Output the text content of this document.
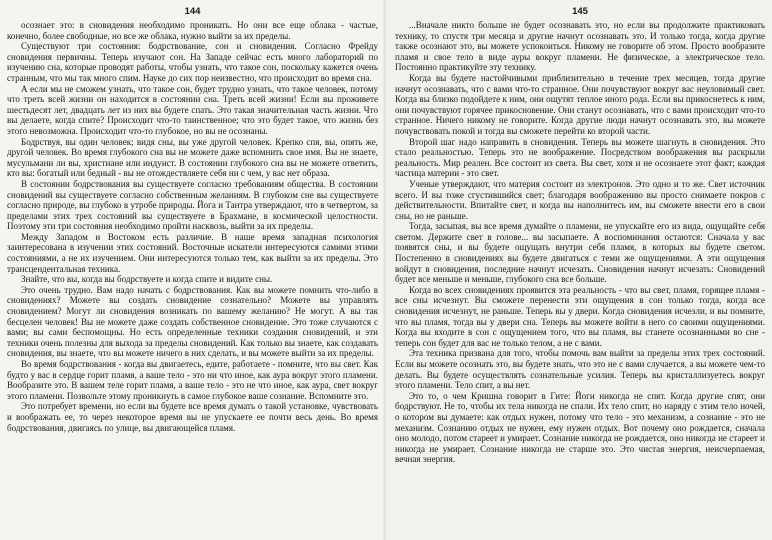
144

осознает это: в сновидения необходимо проникать. Но они все еще облака - частые, конечно, более свободные, но все же облака, нужно выйти за их пределы.

Существуют три состояния: бодрствование, сон и сновидения. Согласно Фрейду сновидения первичны. Теперь изучают сон. На Западе сейчас есть много лабораторий по изучению сна, которые проводят работы, чтобы узнать, что такое сон, поскольку кажется очень странным, что мы так много спим. Науке до сих пор неизвестно, что происходит во время сна.

А если мы не сможем узнать, что такое сон, будет трудно узнать, что такое человек, потому что треть всей жизни он находится в состоянии сна. Треть всей жизни! Если вы проживете шестьдесят лет, двадцать лет из них вы будете спать. Это такая значительная часть жизни. Что вы делаете, когда спите? Происходит что-то таинственное; что это будет такое, что жизнь без этого невозможна. Происходит что-то глубокое, но вы не осознаны.

Бодрствуя, вы один человек; видя сны, вы уже другой человек. Крепко спя, вы, опять же, другой человек. Во время глубокого сна вы не можете даже вспомнить свое имя. Вы не знаете, мусульмани ли вы, христиане или индуист. В состоянии глубокого сна вы не можете ответить, кто вы: богатый или бедный - вы не отождествляете себя ни с чем, у вас нет образа.

В состоянии бодрствования вы существуете согласно требованиям общества. В состоянии сновидений вы существуете согласно собственным желаниям. В глубоком сне вы существуете согласно природе, вы глубоко в утробе природы. Йога и Тантра утверждают, что в четвертом, за пределами этих трех состояний вы существуете в Брахмане, в космической целостности. Поэтому эти три состояния необходимо пройти насквозь, выйти за их пределы.

Между Западом и Востоком есть различие. В наше время западная психология заинтересована в изучении этих состояний. Восточные искатели интересуются самими этими состояниями, а не их изучением. Они интересуются только тем, как выйти за их пределы. Это трансцендентальная техника.

Знайте, что вы, когда вы бодрствуете и когда спите и видите сны.

Это очень трудно. Вам надо начать с бодрствования. Как вы можете помнить что-либо в сновидениях? Можете вы создать сновидение сознательно? Можете вы управлять сновидением? Могут ли сновидения возникать по вашему желанию? Не могут. А вы так бесцелен человек! Вы не можете даже создать собственное сновидение. Это тоже случаются с вами; вы сами беспомощны. Но есть определенные техники создания сновидений, и эти техники очень полезны для выхода за пределы сновидений. Как только вы знаете, как создавать сновидения, вы знаете, что вы можете ничего в них сделать, и вы можете выйти за их пределы.

Во время бодрствования - когда вы двигаетесь, едите, работаете - помните, что вы свет. Как будто у вас в сердце горит пламя, а ваше тело - это ни что иное, как аура вокруг этого пламени. Вообразите это. В вашем теле горит пламя, а ваше тело - это не что иное, как аура, свет вокруг этого пламени. Позвольте этому проникнуть в самое глубокое ваше сознание. Вспомните это.

Это потребует времени, но если вы будете все время думать о такой установке, чувствовать и воображать ее, то через некоторое время вы не упускаете ее почти весь день. Во время бодрствования, двигаясь по улице, вы двигающейся пламя.

145

...Вначале никто больше не будет осознавать это, но если вы продолжите практиковать технику, то спустя три месяца и другие начнут осознавать это. И только тогда, когда другие также осознают это, вы можете успокоиться. Никому не говорите об этом. Просто вообразите пламя и свое тело в виде ауры вокруг пламени. Не физическое, а электрическое тело. Постоянно практикуйте эту технику.

Когда вы будете настойчивыми приблизительно в течение трех месяцев, тогда другие начнут осознавать, что с вами что-то странное. Они почувствуют вокруг вас неуловимый свет. Когда вы близко подойдете к ним, они ощутят теплое иного рода. Если вы прикоснетесь к ним, они почувствуют горячее прикосновение. Они станут осознавать, что с вами происходит что-то странное. Ничего никому не говорите. Когда другие люди начнут осознавать это, вы можете почувствовать покой и тогда вы сможете перейти ко второй части.

Второй шаг надо направить в сновидения. Теперь вы можете шагнуть в сновидения. Это стало реальностью. Теперь это не воображение. Посредством воображения вы раскрыли реальность. Мир реален. Все состоит из света. Вы свет, хотя и не осознаете этот факт; каждая частица материи - это свет.

Ученые утверждают, что материя состоит из электронов. Это одно и то же. Свет источник всего. И вы тоже сгустившийся свет; благодаря воображению вы просто снимаете покров с действительности. Впитайте свет, и когда вы наполнитесь им, вы сможете внести его в свои сны, но не раньше.

Тогда, засыпая, вы все время думайте о пламени, не упускайте его из вида, ощущайте себя светом. Держите свет в голове... вы засыпаете. А воспоминания остаются: Сначала у вас появятся сны, и вы будете ощущать внутри себя пламя, в которых вы будете светом. Постепенно в сновидениях вы будете двигаться с теми же ощущениями. А эти ощущения войдут в сновидения, последние начнут исчезать. Сновидения начнут исчезать: Сновидений будет все меньше и меньше, глубокого сна все больше.

Когда во всех сновидениях проявится эта реальность - что вы свет, пламя, горящее пламя - все сны исчезнут. Вы сможете перенести эти ощущения в сон только тогда, когда все сновидения исчезнут, не раньше. Теперь вы у двери. Когда сновидения исчезли, и вы помните, что вы пламя, тогда вы у двери сна. Теперь вы можете войти в него со своими ощущениями. Когда вы входите в сон с ощущением того, что вы пламя, вы станете осознанными во сне - теперь сон будет для вас не только телом, а не с вами.

Эта техника призвана для того, чтобы помочь вам выйти за пределы этих трех состояний. Если вы можете осознать это, вы будете знать, что это не с вами случается, а вы можете чем-то делать. Вы будете осуществлять сознательные усилия. Теперь вы кристаллизуетесь вокруг этого пламени. Тело спит, а вы нет.

Это то, о чем Кришна говорит в Гите: Йоги никогда не спят. Когда другие спят, они бодрствуют. Не то, чтобы их тела никогда не спали. Их тело спит, но наряду с этим тело ночей, о котором вы думаете: как отдых нужен, потому что тело - это механизм, а сознание - это не механизм. Сознанию отдых не нужен, ему нужен отдых. Вот почему оно рождается, сначала оно молодо, потом стареет и умирает. Сознание никогда не рождается, оно никогда не стареет и никогда не умирает. Сознание никогда не старше это. Это чистая энергия, неисчерпаемая, вечная энергия.
